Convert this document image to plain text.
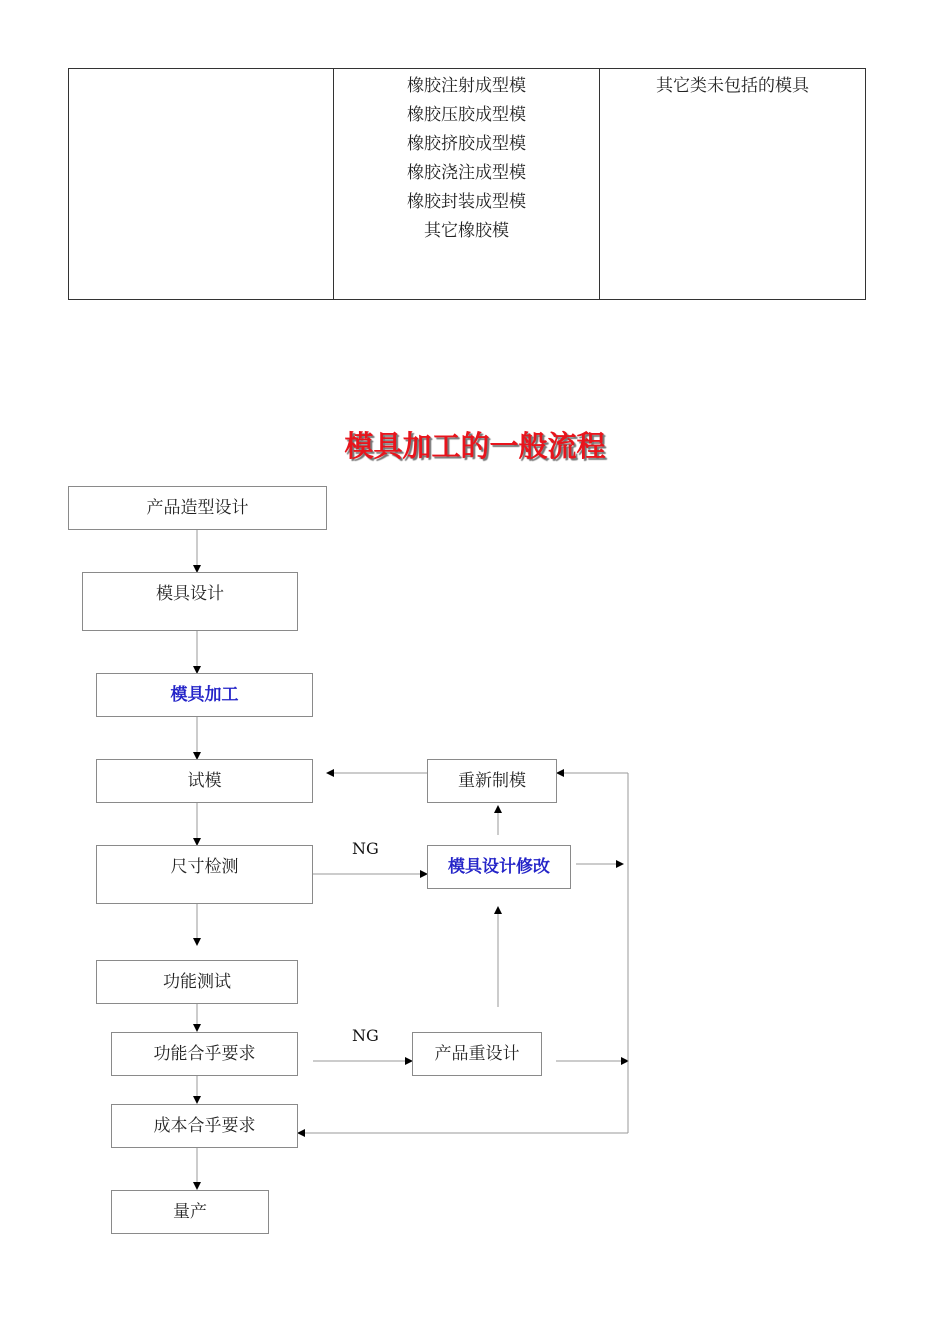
橡胶注射成型模
橡胶压胶成型模
橡胶挤胶成型模
橡胶浇注成型模
橡胶封装成型模
其它橡胶模
其它类未包括的模具
模具加工的一般流程
产品造型设计
模具设计
模具加工
试模
尺寸检测
功能测试
功能合乎要求
成本合乎要求
量产
重新制模
模具设计修改
产品重设计
NG
NG
